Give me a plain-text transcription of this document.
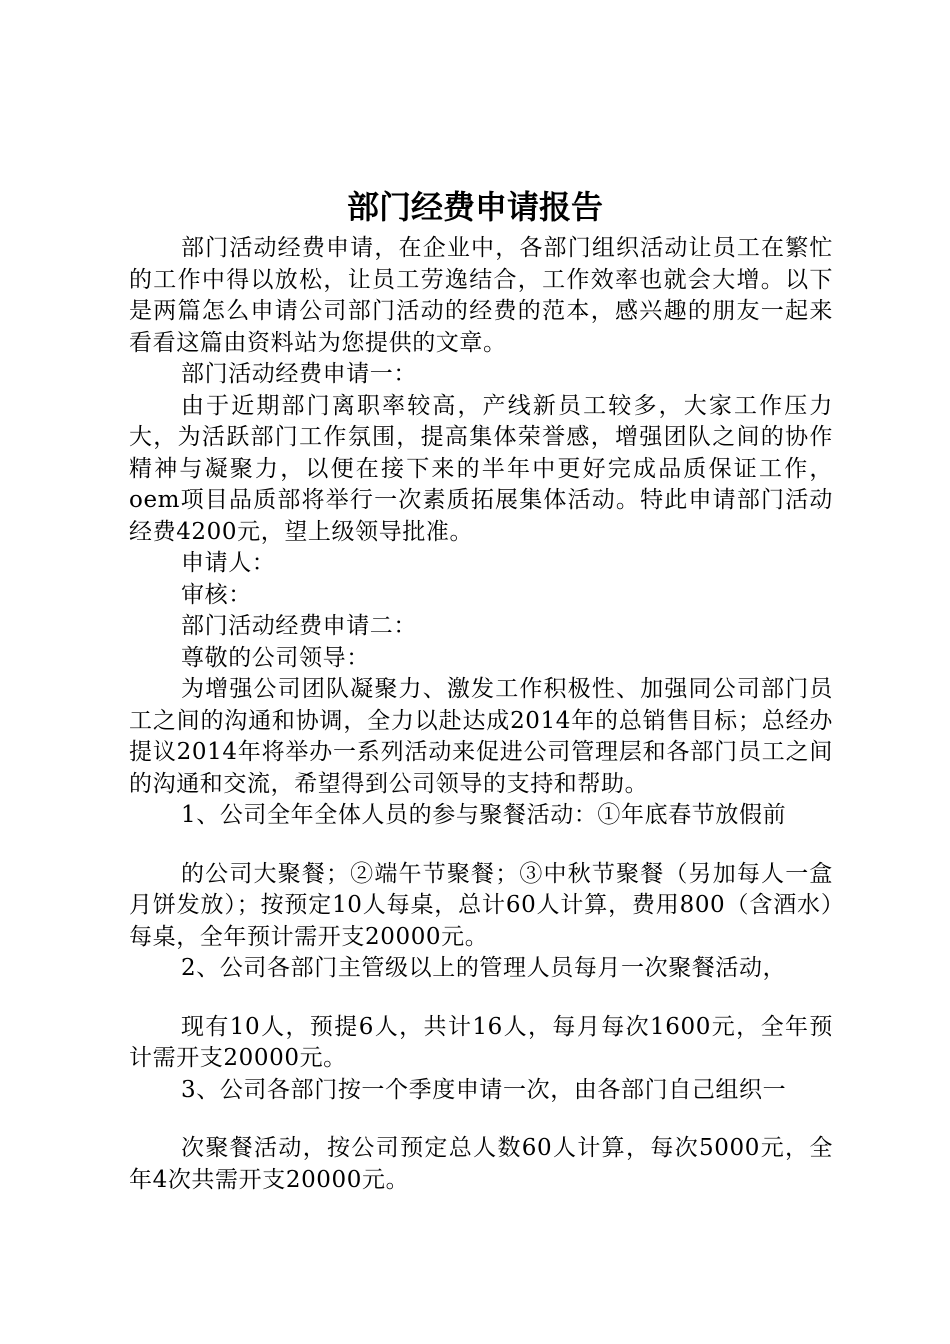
部门经费申请报告

部门活动经费申请，在企业中，各部门组织活动让员工在繁忙的工作中得以放松，让员工劳逸结合，工作效率也就会大增。以下是两篇怎么申请公司部门活动的经费的范本，感兴趣的朋友一起来看看这篇由资料站为您提供的文章。

部门活动经费申请一：

由于近期部门离职率较高，产线新员工较多，大家工作压力大，为活跃部门工作氛围，提高集体荣誉感，增强团队之间的协作精神与凝聚力，以便在接下来的半年中更好完成品质保证工作，oem项目品质部将举行一次素质拓展集体活动。特此申请部门活动经费4200元，望上级领导批准。

申请人：

审核：

部门活动经费申请二：

尊敬的公司领导：

为增强公司团队凝聚力、激发工作积极性、加强同公司部门员工之间的沟通和协调，全力以赴达成2014年的总销售目标；总经办提议2014年将举办一系列活动来促进公司管理层和各部门员工之间的沟通和交流，希望得到公司领导的支持和帮助。

1、公司全年全体人员的参与聚餐活动：①年底春节放假前

的公司大聚餐；②端午节聚餐；③中秋节聚餐（另加每人一盒月饼发放）；按预定10人每桌，总计60人计算，费用800（含酒水）每桌，全年预计需开支20000元。

2、公司各部门主管级以上的管理人员每月一次聚餐活动，

现有10人，预提6人，共计16人，每月每次1600元，全年预计需开支20000元。

3、公司各部门按一个季度申请一次，由各部门自己组织一

次聚餐活动，按公司预定总人数60人计算，每次5000元，全年4次共需开支20000元。
